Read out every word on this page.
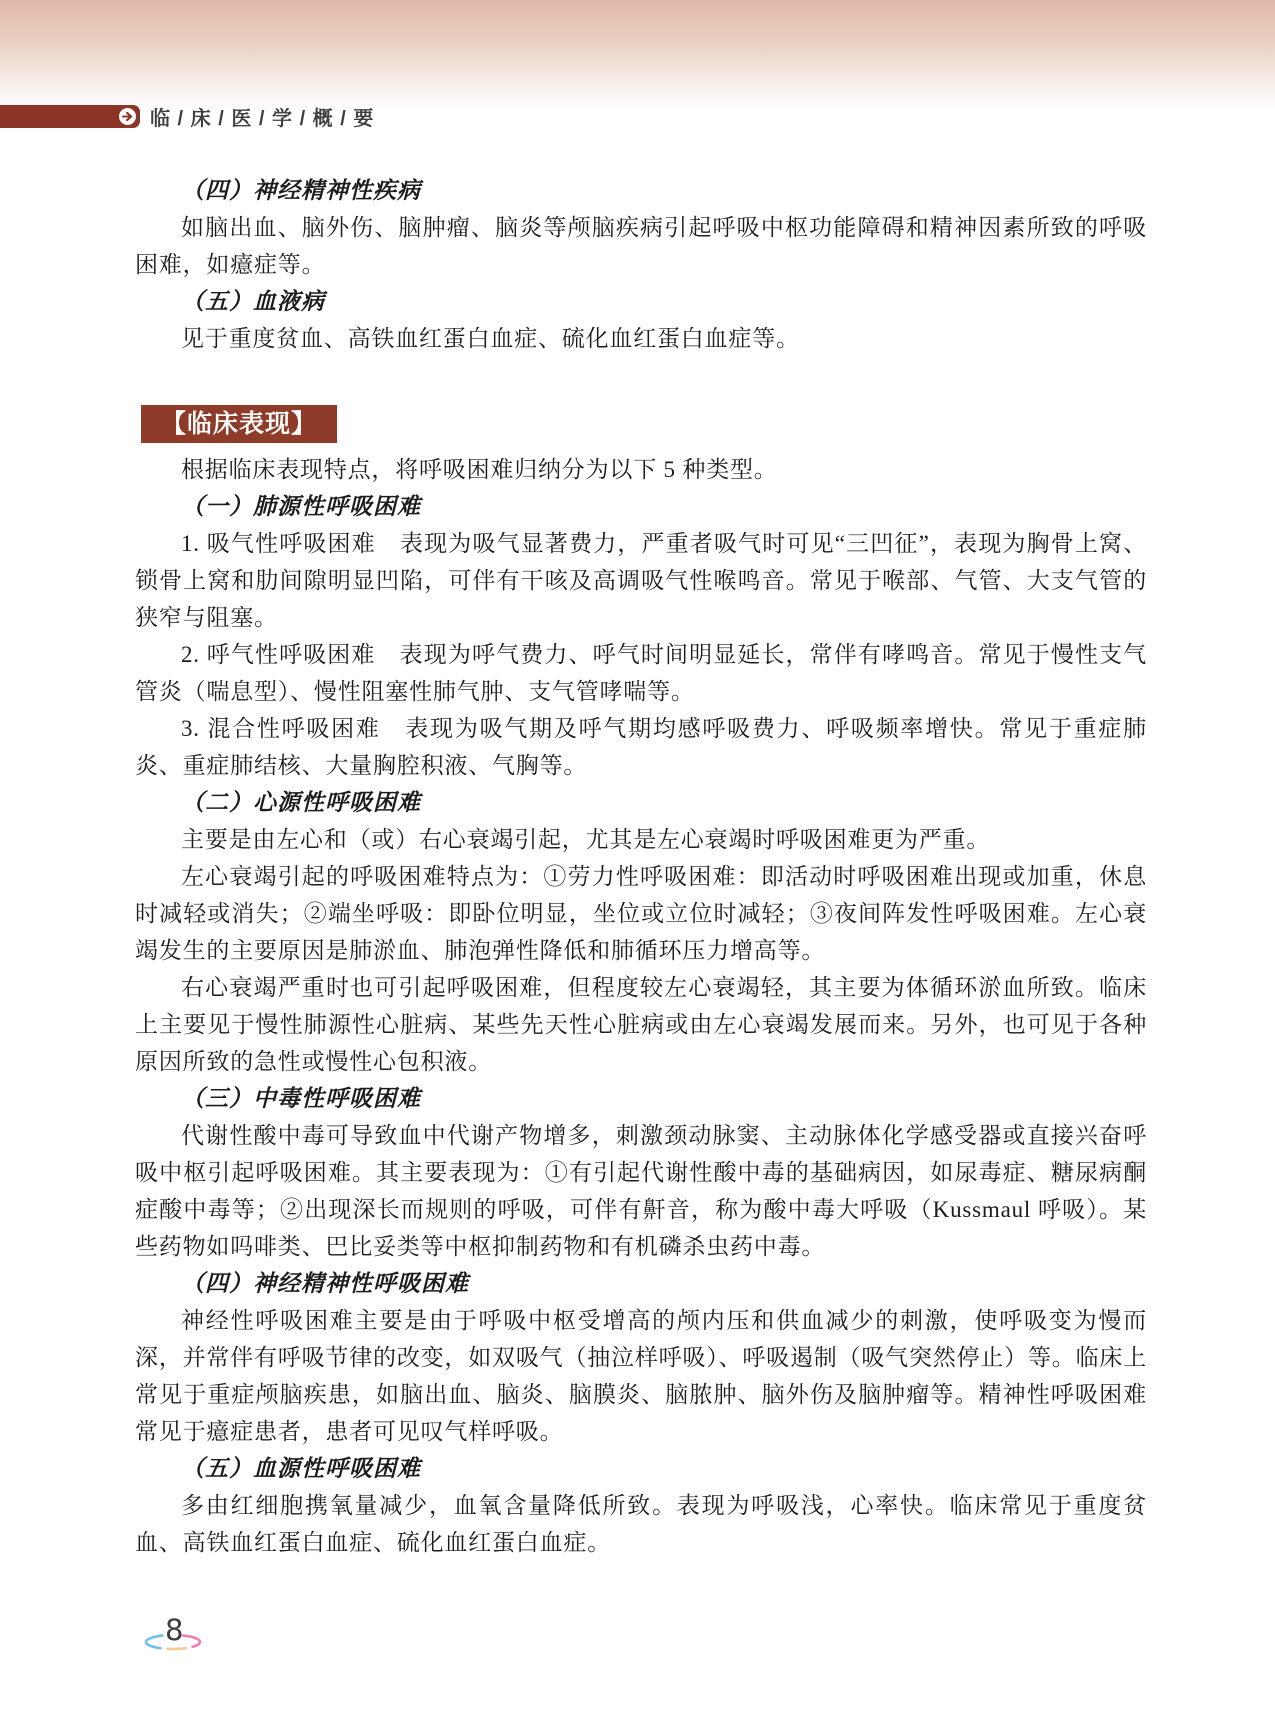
临 / 床 / 医 / 学 / 概 / 要

（四）神经精神性疾病

如脑出血、脑外伤、脑肿瘤、脑炎等颅脑疾病引起呼吸中枢功能障碍和精神因素所致的呼吸困难，如癔症等。

（五）血液病

见于重度贫血、高铁血红蛋白血症、硫化血红蛋白血症等。

【临床表现】

根据临床表现特点，将呼吸困难归纳分为以下 5 种类型。

（一）肺源性呼吸困难

1. 吸气性呼吸困难　表现为吸气显著费力，严重者吸气时可见“三凹征”，表现为胸骨上窝、锁骨上窝和肋间隙明显凹陷，可伴有干咳及高调吸气性喉鸣音。常见于喉部、气管、大支气管的狭窄与阻塞。

2. 呼气性呼吸困难　表现为呼气费力、呼气时间明显延长，常伴有哮鸣音。常见于慢性支气管炎（喘息型）、慢性阻塞性肺气肿、支气管哮喘等。

3. 混合性呼吸困难　表现为吸气期及呼气期均感呼吸费力、呼吸频率增快。常见于重症肺炎、重症肺结核、大量胸腔积液、气胸等。

（二）心源性呼吸困难

主要是由左心和（或）右心衰竭引起，尤其是左心衰竭时呼吸困难更为严重。

左心衰竭引起的呼吸困难特点为：①劳力性呼吸困难：即活动时呼吸困难出现或加重，休息时减轻或消失；②端坐呼吸：即卧位明显，坐位或立位时减轻；③夜间阵发性呼吸困难。左心衰竭发生的主要原因是肺淤血、肺泡弹性降低和肺循环压力增高等。

右心衰竭严重时也可引起呼吸困难，但程度较左心衰竭轻，其主要为体循环淤血所致。临床上主要见于慢性肺源性心脏病、某些先天性心脏病或由左心衰竭发展而来。另外，也可见于各种原因所致的急性或慢性心包积液。

（三）中毒性呼吸困难

代谢性酸中毒可导致血中代谢产物增多，刺激颈动脉窦、主动脉体化学感受器或直接兴奋呼吸中枢引起呼吸困难。其主要表现为：①有引起代谢性酸中毒的基础病因，如尿毒症、糖尿病酮症酸中毒等；②出现深长而规则的呼吸，可伴有鼾音，称为酸中毒大呼吸（Kussmaul 呼吸）。某些药物如吗啡类、巴比妥类等中枢抑制药物和有机磷杀虫药中毒。

（四）神经精神性呼吸困难

神经性呼吸困难主要是由于呼吸中枢受增高的颅内压和供血减少的刺激，使呼吸变为慢而深，并常伴有呼吸节律的改变，如双吸气（抽泣样呼吸）、呼吸遏制（吸气突然停止）等。临床上常见于重症颅脑疾患，如脑出血、脑炎、脑膜炎、脑脓肿、脑外伤及脑肿瘤等。精神性呼吸困难常见于癔症患者，患者可见叹气样呼吸。

（五）血源性呼吸困难

多由红细胞携氧量减少，血氧含量降低所致。表现为呼吸浅，心率快。临床常见于重度贫血、高铁血红蛋白血症、硫化血红蛋白血症。

8
